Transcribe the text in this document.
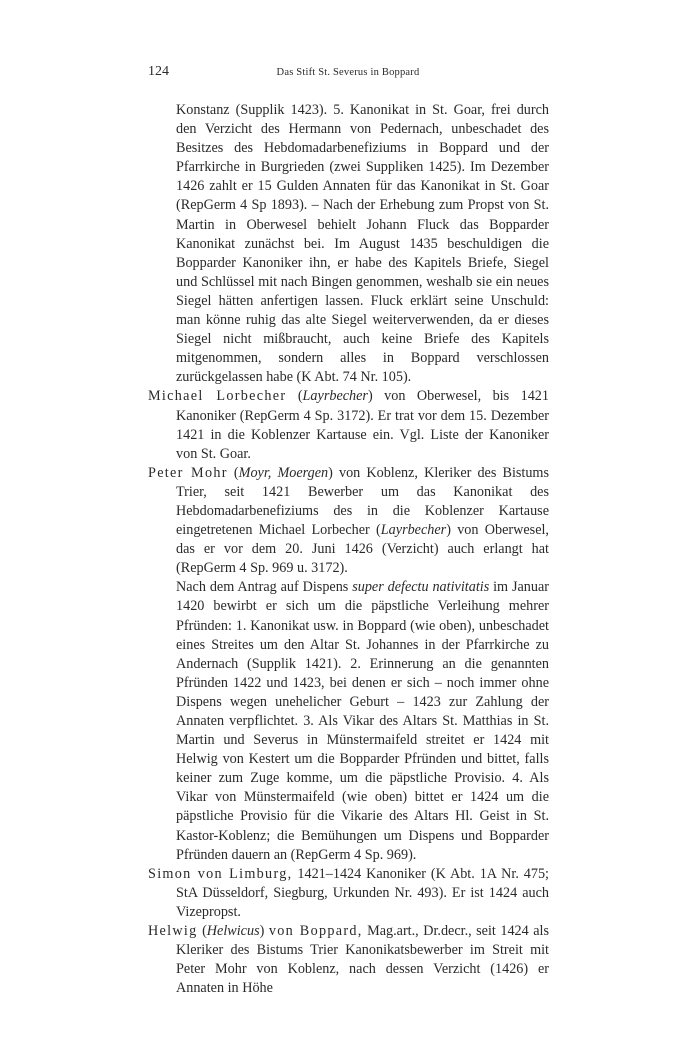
124	Das Stift St. Severus in Boppard

Konstanz (Supplik 1423). 5. Kanonikat in St. Goar, frei durch den Verzicht des Hermann von Pedernach, unbeschadet des Besitzes des Hebdomadarbenefiziums in Boppard und der Pfarrkirche in Burgrieden (zwei Suppliken 1425). Im Dezember 1426 zahlt er 15 Gulden Annaten für das Kanonikat in St. Goar (RepGerm 4 Sp 1893). – Nach der Erhebung zum Propst von St. Martin in Oberwesel behielt Johann Fluck das Bopparder Kanonikat zunächst bei. Im August 1435 beschuldigen die Bopparder Kanoniker ihn, er habe des Kapitels Briefe, Siegel und Schlüssel mit nach Bingen genommen, weshalb sie ein neues Siegel hätten anfertigen lassen. Fluck erklärt seine Unschuld: man könne ruhig das alte Siegel weiterverwenden, da er dieses Siegel nicht mißbraucht, auch keine Briefe des Kapitels mitgenommen, sondern alles in Boppard verschlossen zurückgelassen habe (K Abt. 74 Nr. 105).

Michael Lorbecher (Layrbecher) von Oberwesel, bis 1421 Kanoniker (RepGerm 4 Sp. 3172). Er trat vor dem 15. Dezember 1421 in die Koblenzer Kartause ein. Vgl. Liste der Kanoniker von St. Goar.

Peter Mohr (Moyr, Moergen) von Koblenz, Kleriker des Bistums Trier, seit 1421 Bewerber um das Kanonikat des Hebdomadarbenefiziums des in die Koblenzer Kartause eingetretenen Michael Lorbecher (Layrbecher) von Oberwesel, das er vor dem 20. Juni 1426 (Verzicht) auch erlangt hat (RepGerm 4 Sp. 969 u. 3172).

Nach dem Antrag auf Dispens super defectu nativitatis im Januar 1420 bewirbt er sich um die päpstliche Verleihung mehrer Pfründen: 1. Kanonikat usw. in Boppard (wie oben), unbeschadet eines Streites um den Altar St. Johannes in der Pfarrkirche zu Andernach (Supplik 1421). 2. Erinnerung an die genannten Pfründen 1422 und 1423, bei denen er sich – noch immer ohne Dispens wegen unehelicher Geburt – 1423 zur Zahlung der Annaten verpflichtet. 3. Als Vikar des Altars St. Matthias in St. Martin und Severus in Münstermaifeld streitet er 1424 mit Helwig von Kestert um die Bopparder Pfründen und bittet, falls keiner zum Zuge komme, um die päpstliche Provisio. 4. Als Vikar von Münstermaifeld (wie oben) bittet er 1424 um die päpstliche Provisio für die Vikarie des Altars Hl. Geist in St. Kastor-Koblenz; die Bemühungen um Dispens und Bopparder Pfründen dauern an (RepGerm 4 Sp. 969).

Simon von Limburg, 1421–1424 Kanoniker (K Abt. 1A Nr. 475; StA Düsseldorf, Siegburg, Urkunden Nr. 493). Er ist 1424 auch Vizepropst.

Helwig (Helwicus) von Boppard, Mag.art., Dr.decr., seit 1424 als Kleriker des Bistums Trier Kanonikatsbewerber im Streit mit Peter Mohr von Koblenz, nach dessen Verzicht (1426) er Annaten in Höhe
